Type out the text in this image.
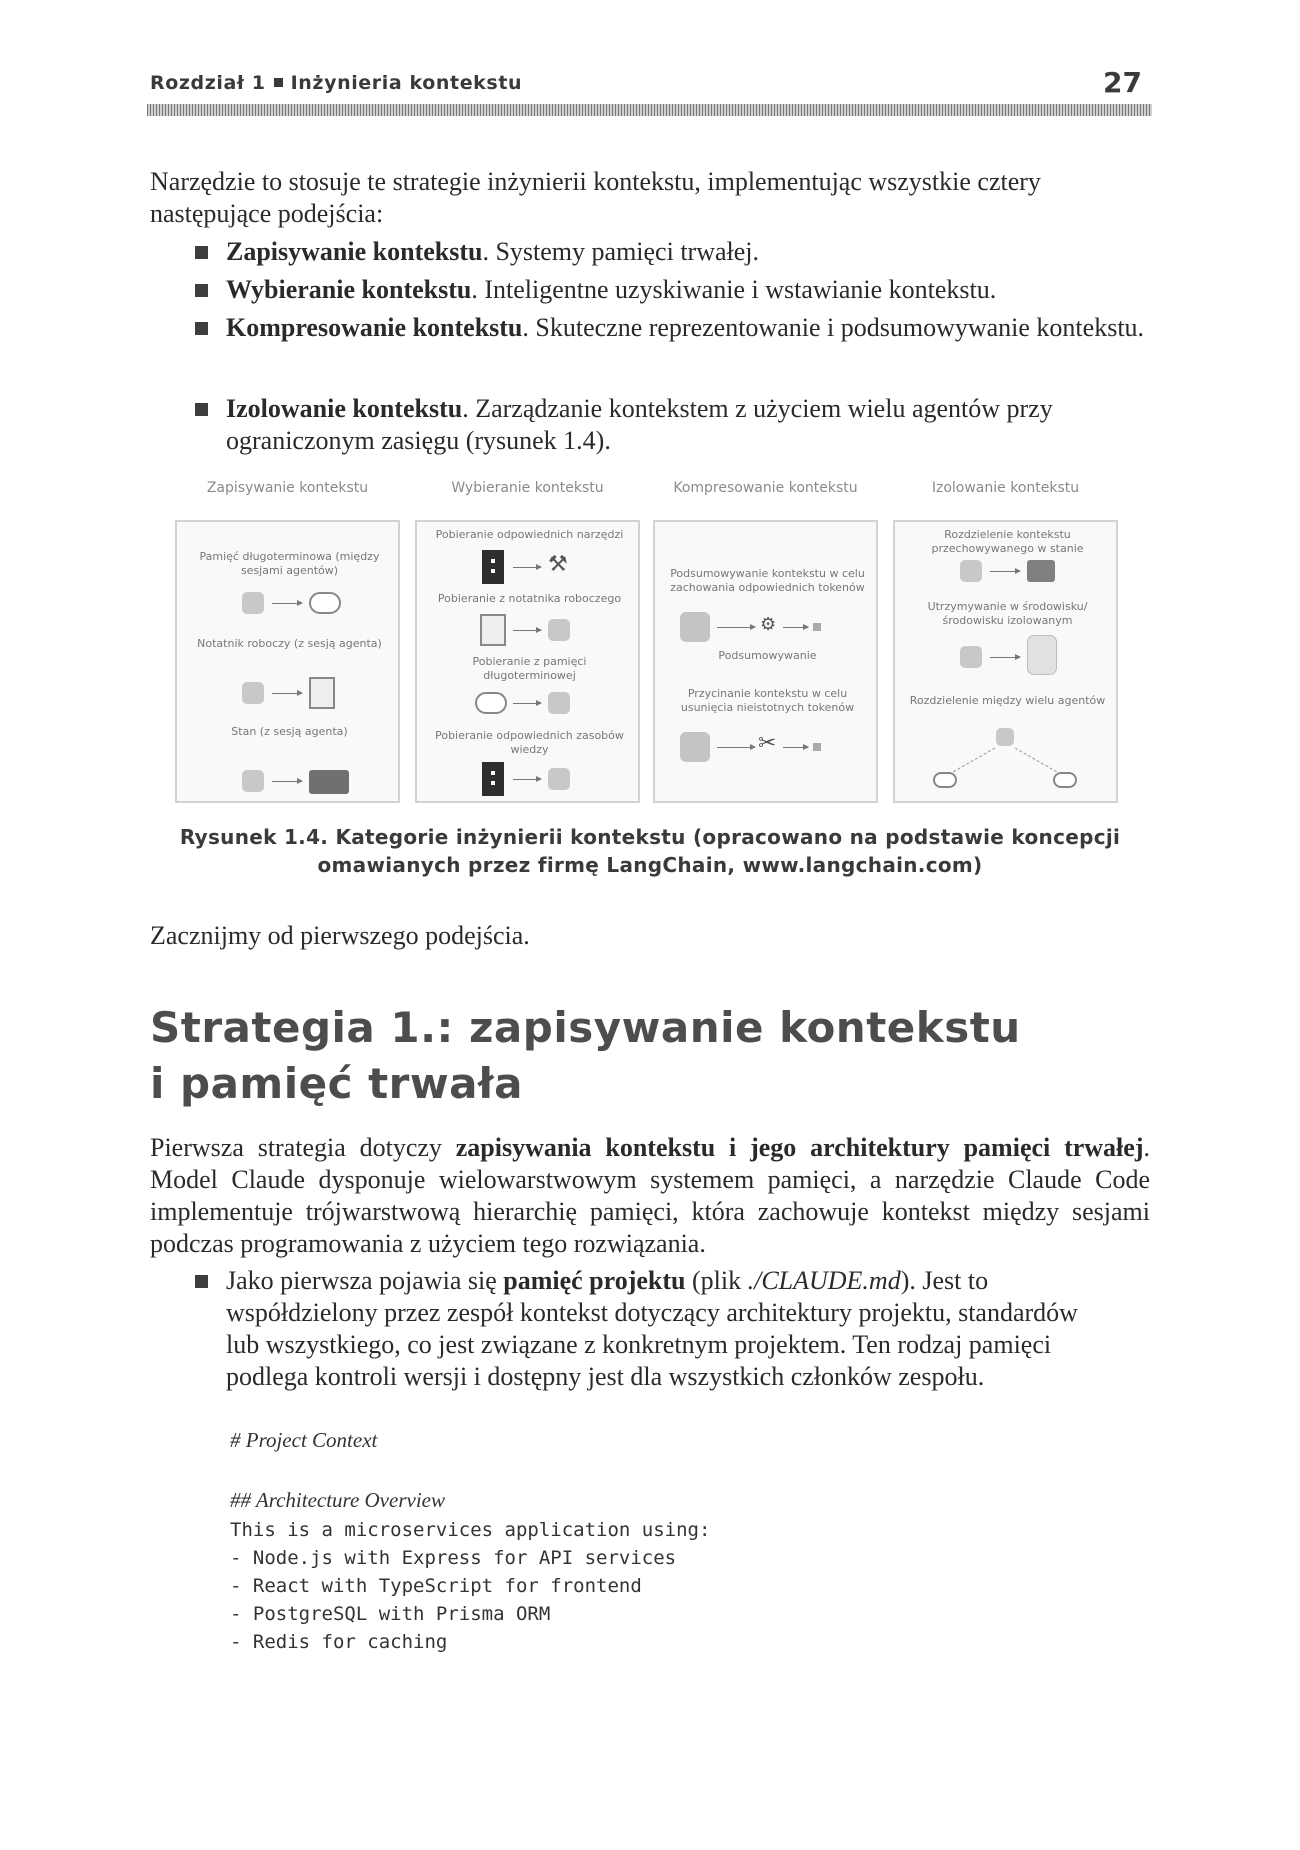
Rozdział 1 Inżynieria kontekstu	27
Narzędzie to stosuje te strategie inżynierii kontekstu, implementując wszystkie cztery następujące podejścia:
Zapisywanie kontekstu. Systemy pamięci trwałej.
Wybieranie kontekstu. Inteligentne uzyskiwanie i wstawianie kontekstu.
Kompresowanie kontekstu. Skuteczne reprezentowanie i podsumowywanie kontekstu.
Izolowanie kontekstu. Zarządzanie kontekstem z użyciem wielu agentów przy ograniczonym zasięgu (rysunek 1.4).
Zapisywanie kontekstu
Pamięć długoterminowa (między sesjami agentów)
Notatnik roboczy (z sesją agenta)
Stan (z sesją agenta)
Wybieranie kontekstu
Pobieranie odpowiednich narzędzi
⚒
Pobieranie z notatnika roboczego
Pobieranie z pamięci długoterminowej
Pobieranie odpowiednich zasobów wiedzy
Kompresowanie kontekstu
Podsumowywanie kontekstu w celu zachowania odpowiednich tokenów
⚙
Podsumowywanie
Przycinanie kontekstu w celu usunięcia nieistotnych tokenów
✂
Izolowanie kontekstu
Rozdzielenie kontekstu przechowywanego w stanie
Utrzymywanie w środowisku/ środowisku izolowanym
Rozdzielenie między wielu agentów
Rysunek 1.4. Kategorie inżynierii kontekstu (opracowano na podstawie koncepcji omawianych przez firmę LangChain, www.langchain.com)
Zacznijmy od pierwszego podejścia.
Strategia 1.: zapisywanie kontekstu
i pamięć trwała
Pierwsza strategia dotyczy zapisywania kontekstu i jego architektury pamięci trwałej. Model Claude dysponuje wielowarstwowym systemem pamięci, a narzędzie Claude Code implementuje trójwarstwową hierarchię pamięci, która zachowuje kontekst między sesjami podczas programowania z użyciem tego rozwiązania.
Jako pierwsza pojawia się pamięć projektu (plik ./CLAUDE.md). Jest to współdzielony przez zespół kontekst dotyczący architektury projektu, standardów lub wszystkiego, co jest związane z konkretnym projektem. Ten rodzaj pamięci podlega kontroli wersji i dostępny jest dla wszystkich członków zespołu.
# Project Context
## Architecture Overview
This is a microservices application using:
- Node.js with Express for API services
- React with TypeScript for frontend
- PostgreSQL with Prisma ORM
- Redis for caching
